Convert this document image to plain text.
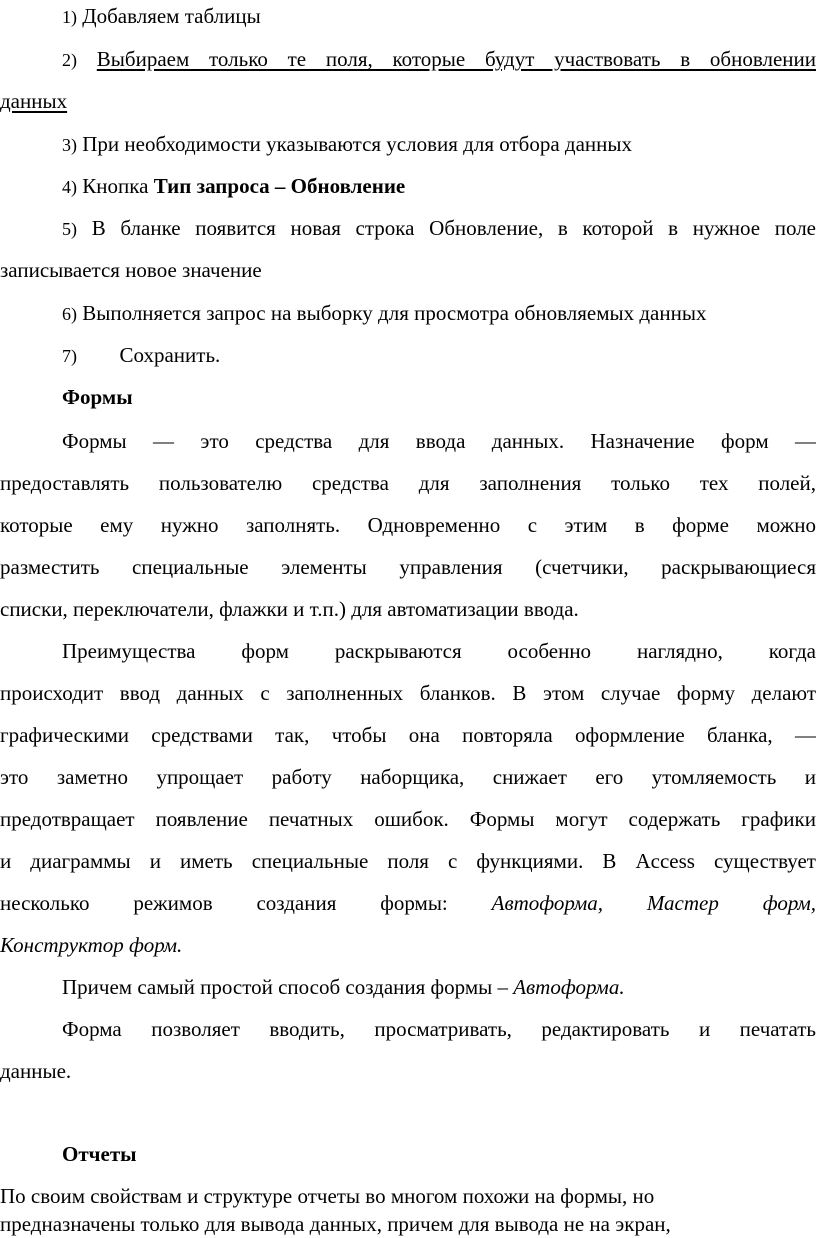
1) Добавляем таблицы
2) Выбираем только те поля, которые будут участвовать в обновлении
данных
3) При необходимости указываются условия для отбора данных
4) Кнопка Тип запроса – Обновление
5) В бланке появится новая строка Обновление, в которой в нужное поле
записывается новое значение
6) Выполняется запрос на выборку для просмотра обновляемых данных
7) Сохранить.
Формы
Формы — это средства для ввода данных. Назначение форм —
предоставлять пользователю средства для заполнения только тех полей,
которые ему нужно заполнять. Одновременно с этим в форме можно
разместить специальные элементы управления (счетчики, раскрывающиеся
списки, переключатели, флажки и т.п.) для автоматизации ввода.
Преимущества форм раскрываются особенно наглядно, когда
происходит ввод данных с заполненных бланков. В этом случае форму делают
графическими средствами так, чтобы она повторяла оформление бланка, —
это заметно упрощает работу наборщика, снижает его утомляемость и
предотвращает появление печатных ошибок. Формы могут содержать графики
и диаграммы и иметь специальные поля с функциями. В Access существует
несколько режимов создания формы: Автоформа, Мастер форм,
Конструктор форм.
Причем самый простой способ создания формы – Автоформа.
Форма позволяет вводить, просматривать, редактировать и печатать
данные.
Отчеты
По своим свойствам и структуре отчеты во многом похожи на формы, но
предназначены только для вывода данных, причем для вывода не на экран,
